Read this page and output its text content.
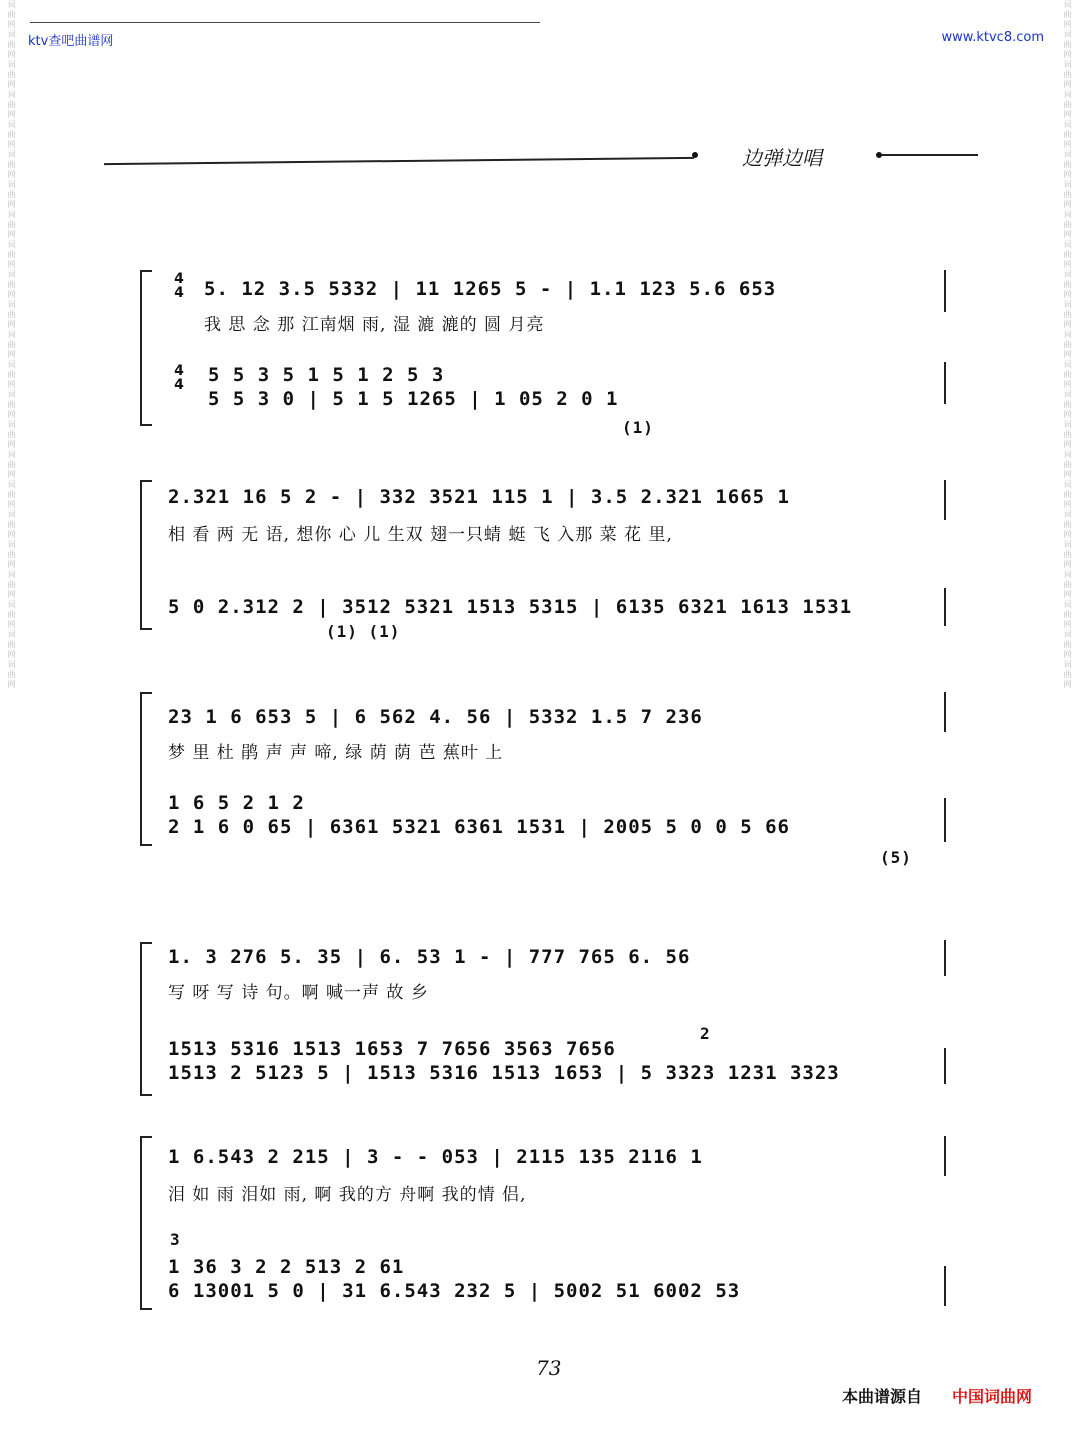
词曲网词曲网词曲网词曲网词曲网词曲网词曲网词曲网词曲网词曲网词曲网词曲网词曲网词曲网词曲网词曲网词曲网词曲网词曲网词曲网词曲网词曲网词曲网	词曲网词曲网词曲网词曲网词曲网词曲网词曲网词曲网词曲网词曲网词曲网词曲网词曲网词曲网词曲网词曲网词曲网词曲网词曲网词曲网词曲网词曲网词曲网
ktv查吧曲谱网	www.ktvc8.com
边弹边唱
4
4 5. 12 3.5 5332 | 11 1265 5 - | 1.1 123 5.6 653
我 思 念 那 江南烟 雨, 湿 漉 漉的 圆 月亮
4
4 5 5 3 5 1 5 1 2 5 3
5 5 3 0 | 5 1 5 1265 | 1 05 2 0 1
(1)
2.321 16 5 2 - | 332 3521 115 1 | 3.5 2.321 1665 1
相 看 两 无 语, 想你 心 儿 生双 翅一只蜻 蜓 飞 入那 菜 花 里,
5 0 2.312 2 | 3512 5321 1513 5315 | 6135 6321 1613 1531
(1) (1)
23 1 6 653 5 | 6 562 4. 56 | 5332 1.5 7 236
梦 里 杜 鹃 声 声 啼, 绿 荫 荫 芭 蕉叶 上
1 6 5 2 1 2
2 1 6 0 65 | 6361 5321 6361 1531 | 2005 5 0 0 5 66
(5)
1. 3 276 5. 35 | 6. 53 1 - | 777 765 6. 56
写 呀 写 诗 句。啊 喊一声 故 乡
1513 5316 1513 1653 7 7656 3563 7656
1513 2 5123 5 | 1513 5316 1513 1653 | 5 3323 1231 3323
2
1 6.543 2 215 | 3 - - 053 | 2115 135 2116 1
泪 如 雨 泪如 雨, 啊 我的方 舟啊 我的情 侣,
1 36 3 2 2 513 2 61
6 13001 5 0 | 31 6.543 232 5 | 5002 51 6002 53
3
73
本曲谱源自 中国词曲网
